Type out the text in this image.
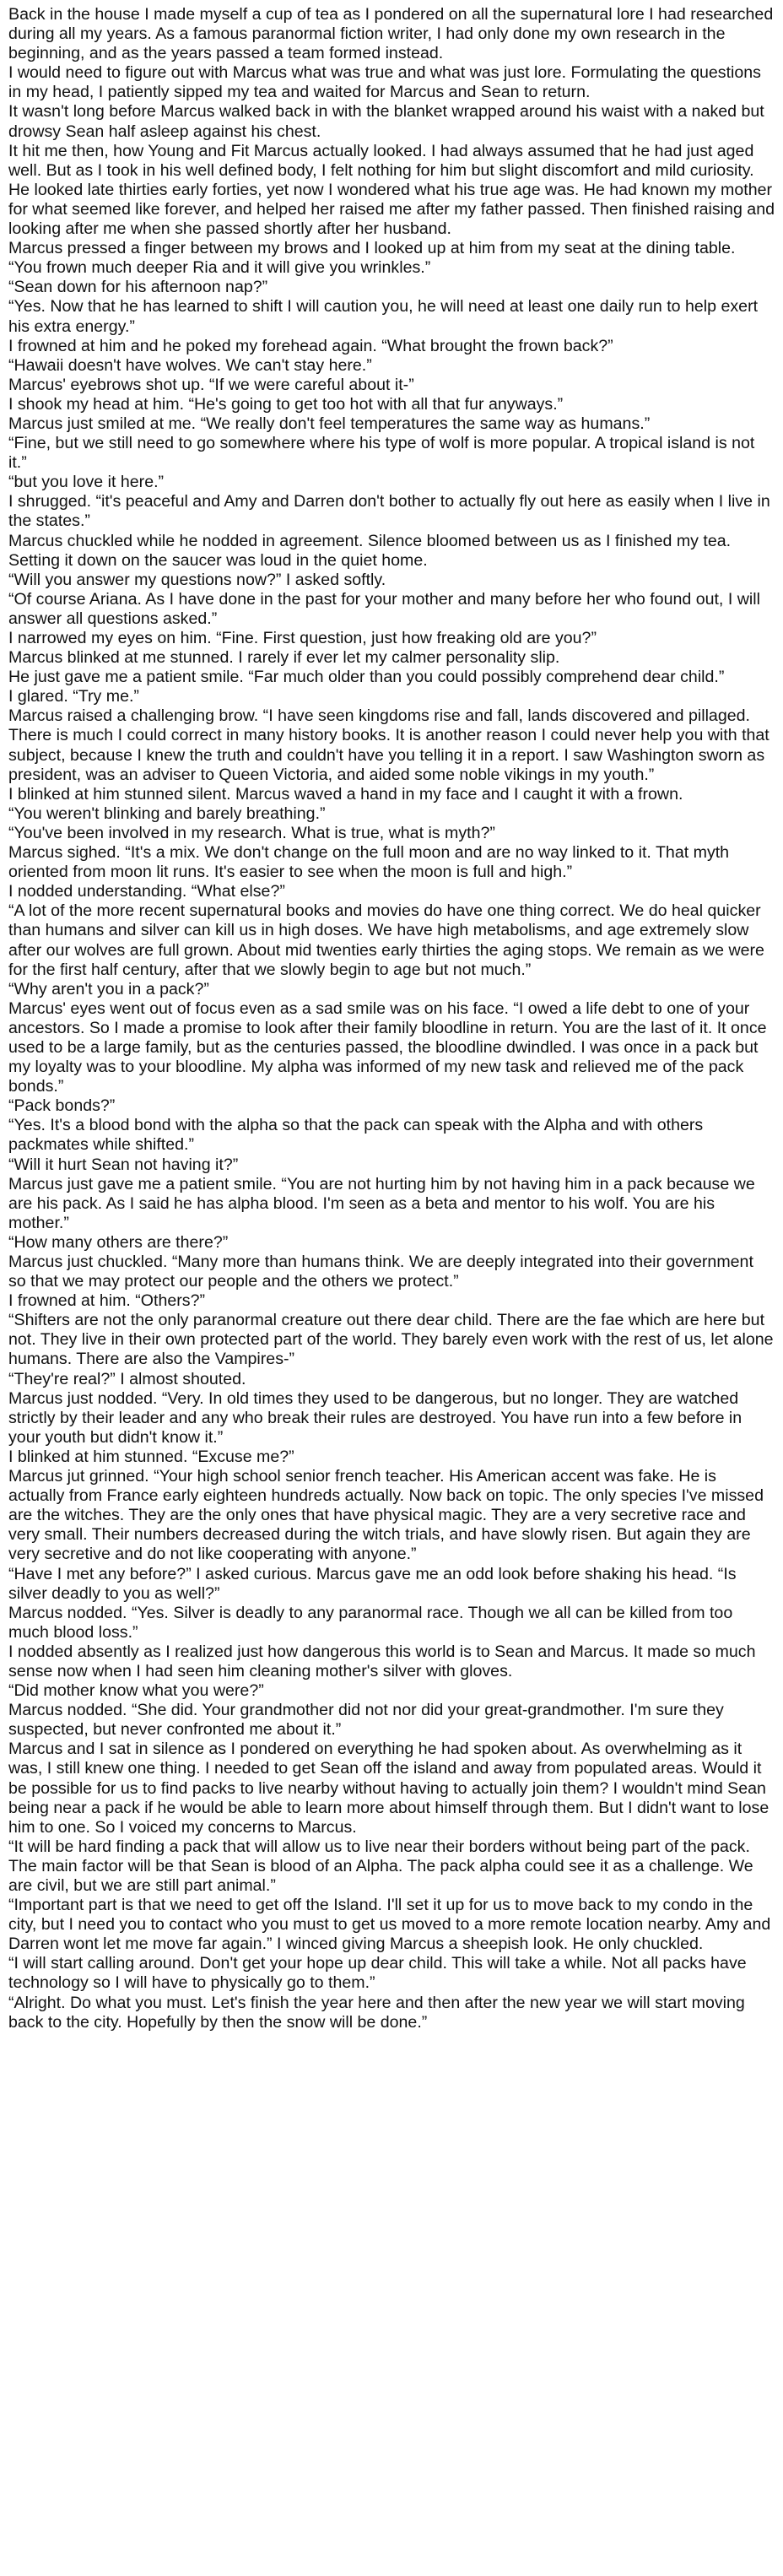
Back in the house I made myself a cup of tea as I pondered on all the supernatural lore I had researched during all my years. As a famous paranormal fiction writer, I had only done my own research in the beginning, and as the years passed a team formed instead.

I would need to figure out with Marcus what was true and what was just lore. Formulating the questions in my head, I patiently sipped my tea and waited for Marcus and Sean to return.

It wasn't long before Marcus walked back in with the blanket wrapped around his waist with a naked but drowsy Sean half asleep against his chest.

It hit me then, how Young and Fit Marcus actually looked. I had always assumed that he had just aged well. But as I took in his well defined body, I felt nothing for him but slight discomfort and mild curiosity. He looked late thirties early forties, yet now I wondered what his true age was. He had known my mother for what seemed like forever, and helped her raised me after my father passed. Then finished raising and looking after me when she passed shortly after her husband.

Marcus pressed a finger between my brows and I looked up at him from my seat at the dining table.

“You frown much deeper Ria and it will give you wrinkles.”

“Sean down for his afternoon nap?”

“Yes. Now that he has learned to shift I will caution you, he will need at least one daily run to help exert his extra energy.”

I frowned at him and he poked my forehead again. “What brought the frown back?”

“Hawaii doesn't have wolves. We can't stay here.”

Marcus' eyebrows shot up. “If we were careful about it-”

I shook my head at him. “He's going to get too hot with all that fur anyways.”

Marcus just smiled at me. “We really don't feel temperatures the same way as humans.”

“Fine, but we still need to go somewhere where his type of wolf is more popular. A tropical island is not it.”

“but you love it here.”

I shrugged. “it's peaceful and Amy and Darren don't bother to actually fly out here as easily when I live in the states.”

Marcus chuckled while he nodded in agreement. Silence bloomed between us as I finished my tea. Setting it down on the saucer was loud in the quiet home.

“Will you answer my questions now?” I asked softly.

“Of course Ariana. As I have done in the past for your mother and many before her who found out, I will answer all questions asked.”

I narrowed my eyes on him. “Fine. First question, just how freaking old are you?”

Marcus blinked at me stunned. I rarely if ever let my calmer personality slip.

He just gave me a patient smile. “Far much older than you could possibly comprehend dear child.”

I glared. “Try me.”

Marcus raised a challenging brow. “I have seen kingdoms rise and fall, lands discovered and pillaged. There is much I could correct in many history books. It is another reason I could never help you with that subject, because I knew the truth and couldn't have you telling it in a report. I saw Washington sworn as president, was an adviser to Queen Victoria, and aided some noble vikings in my youth.”

I blinked at him stunned silent. Marcus waved a hand in my face and I caught it with a frown.

“You weren't blinking and barely breathing.”

“You've been involved in my research. What is true, what is myth?”

Marcus sighed. “It's a mix. We don't change on the full moon and are no way linked to it. That myth oriented from moon lit runs. It's easier to see when the moon is full and high.”

I nodded understanding. “What else?”

“A lot of the more recent supernatural books and movies do have one thing correct. We do heal quicker than humans and silver can kill us in high doses. We have high metabolisms, and age extremely slow after our wolves are full grown. About mid twenties early thirties the aging stops. We remain as we were for the first half century, after that we slowly begin to age but not much.”

“Why aren't you in a pack?”

Marcus' eyes went out of focus even as a sad smile was on his face. “I owed a life debt to one of your ancestors. So I made a promise to look after their family bloodline in return. You are the last of it. It once used to be a large family, but as the centuries passed, the bloodline dwindled. I was once in a pack but my loyalty was to your bloodline. My alpha was informed of my new task and relieved me of the pack bonds.”

“Pack bonds?”

“Yes. It's a blood bond with the alpha so that the pack can speak with the Alpha and with others packmates while shifted.”

“Will it hurt Sean not having it?”

Marcus just gave me a patient smile. “You are not hurting him by not having him in a pack because we are his pack. As I said he has alpha blood. I'm seen as a beta and mentor to his wolf. You are his mother.”

“How many others are there?”

Marcus just chuckled. “Many more than humans think. We are deeply integrated into their government so that we may protect our people and the others we protect.”

I frowned at him. “Others?”

“Shifters are not the only paranormal creature out there dear child. There are the fae which are here but not. They live in their own protected part of the world. They barely even work with the rest of us, let alone humans. There are also the Vampires-”

“They're real?” I almost shouted.

Marcus just nodded. “Very. In old times they used to be dangerous, but no longer. They are watched strictly by their leader and any who break their rules are destroyed. You have run into a few before in your youth but didn't know it.”

I blinked at him stunned. “Excuse me?”

Marcus jut grinned. “Your high school senior french teacher. His American accent was fake. He is actually from France early eighteen hundreds actually. Now back on topic. The only species I've missed are the witches. They are the only ones that have physical magic. They are a very secretive race and very small. Their numbers decreased during the witch trials, and have slowly risen. But again they are very secretive and do not like cooperating with anyone.”

“Have I met any before?” I asked curious. Marcus gave me an odd look before shaking his head. “Is silver deadly to you as well?”

Marcus nodded. “Yes. Silver is deadly to any paranormal race. Though we all can be killed from too much blood loss.”

I nodded absently as I realized just how dangerous this world is to Sean and Marcus. It made so much sense now when I had seen him cleaning mother's silver with gloves.

“Did mother know what you were?”

Marcus nodded. “She did. Your grandmother did not nor did your great-grandmother. I'm sure they suspected, but never confronted me about it.”

Marcus and I sat in silence as I pondered on everything he had spoken about. As overwhelming as it was, I still knew one thing. I needed to get Sean off the island and away from populated areas. Would it be possible for us to find packs to live nearby without having to actually join them? I wouldn't mind Sean being near a pack if he would be able to learn more about himself through them. But I didn't want to lose him to one. So I voiced my concerns to Marcus.

“It will be hard finding a pack that will allow us to live near their borders without being part of the pack. The main factor will be that Sean is blood of an Alpha. The pack alpha could see it as a challenge. We are civil, but we are still part animal.”

“Important part is that we need to get off the Island. I'll set it up for us to move back to my condo in the city, but I need you to contact who you must to get us moved to a more remote location nearby. Amy and Darren wont let me move far again.” I winced giving Marcus a sheepish look. He only chuckled.

“I will start calling around. Don't get your hope up dear child. This will take a while. Not all packs have technology so I will have to physically go to them.”

“Alright. Do what you must. Let's finish the year here and then after the new year we will start moving back to the city. Hopefully by then the snow will be done.”
